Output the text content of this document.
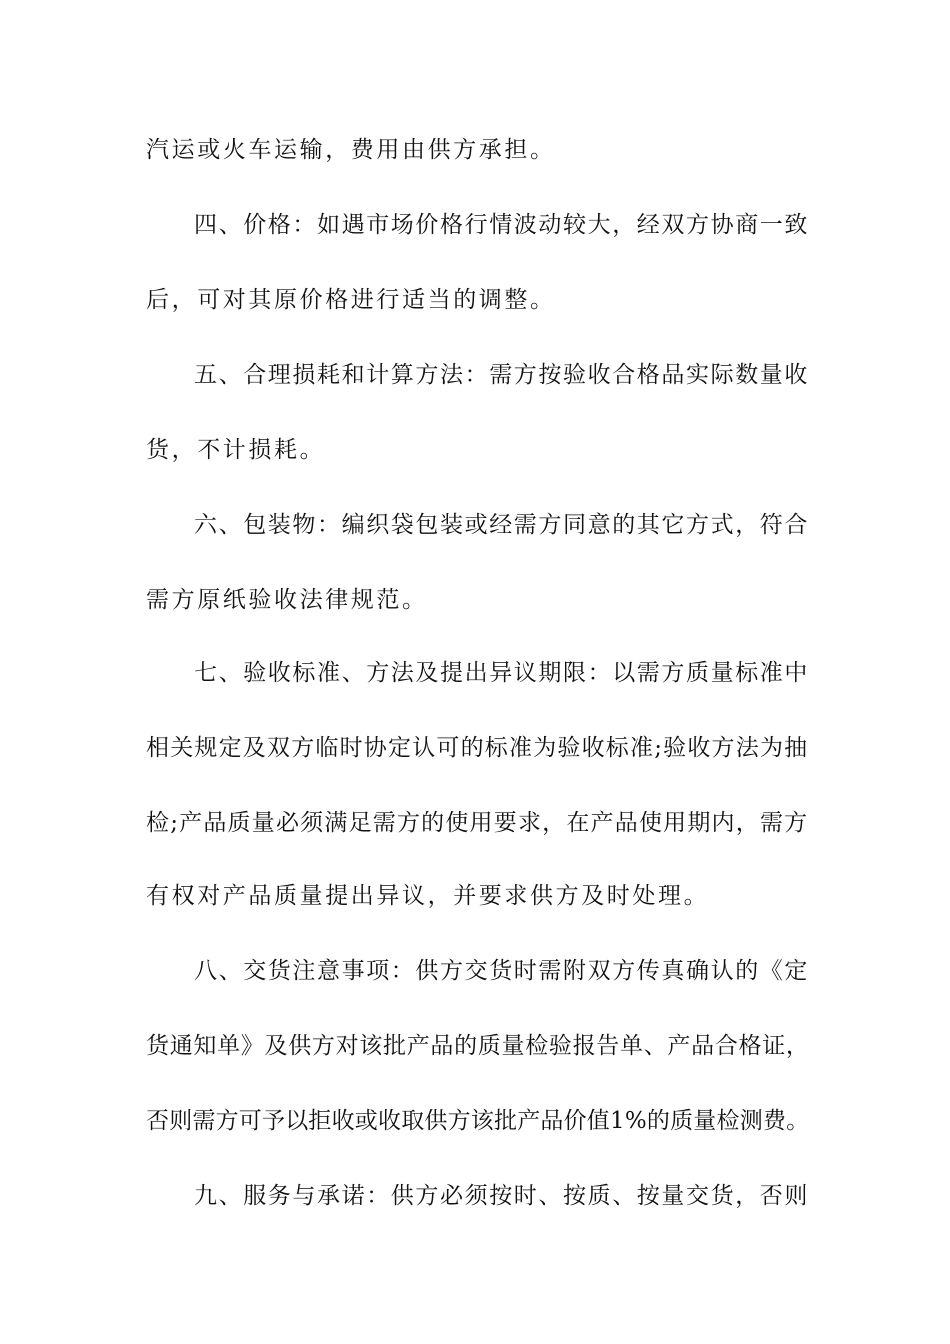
汽运或火车运输，费用由供方承担。
四、价格：如遇市场价格行情波动较大，经双方协商一致
后，可对其原价格进行适当的调整。
五、合理损耗和计算方法：需方按验收合格品实际数量收
货，不计损耗。
六、包装物：编织袋包装或经需方同意的其它方式，符合
需方原纸验收法律规范。
七、验收标准、方法及提出异议期限：以需方质量标准中
相关规定及双方临时协定认可的标准为验收标准;验收方法为抽
检;产品质量必须满足需方的使用要求，在产品使用期内，需方
有权对产品质量提出异议，并要求供方及时处理。
八、交货注意事项：供方交货时需附双方传真确认的《定
货通知单》及供方对该批产品的质量检验报告单、产品合格证，
否则需方可予以拒收或收取供方该批产品价值1%的质量检测费。
九、服务与承诺：供方必须按时、按质、按量交货，否则
